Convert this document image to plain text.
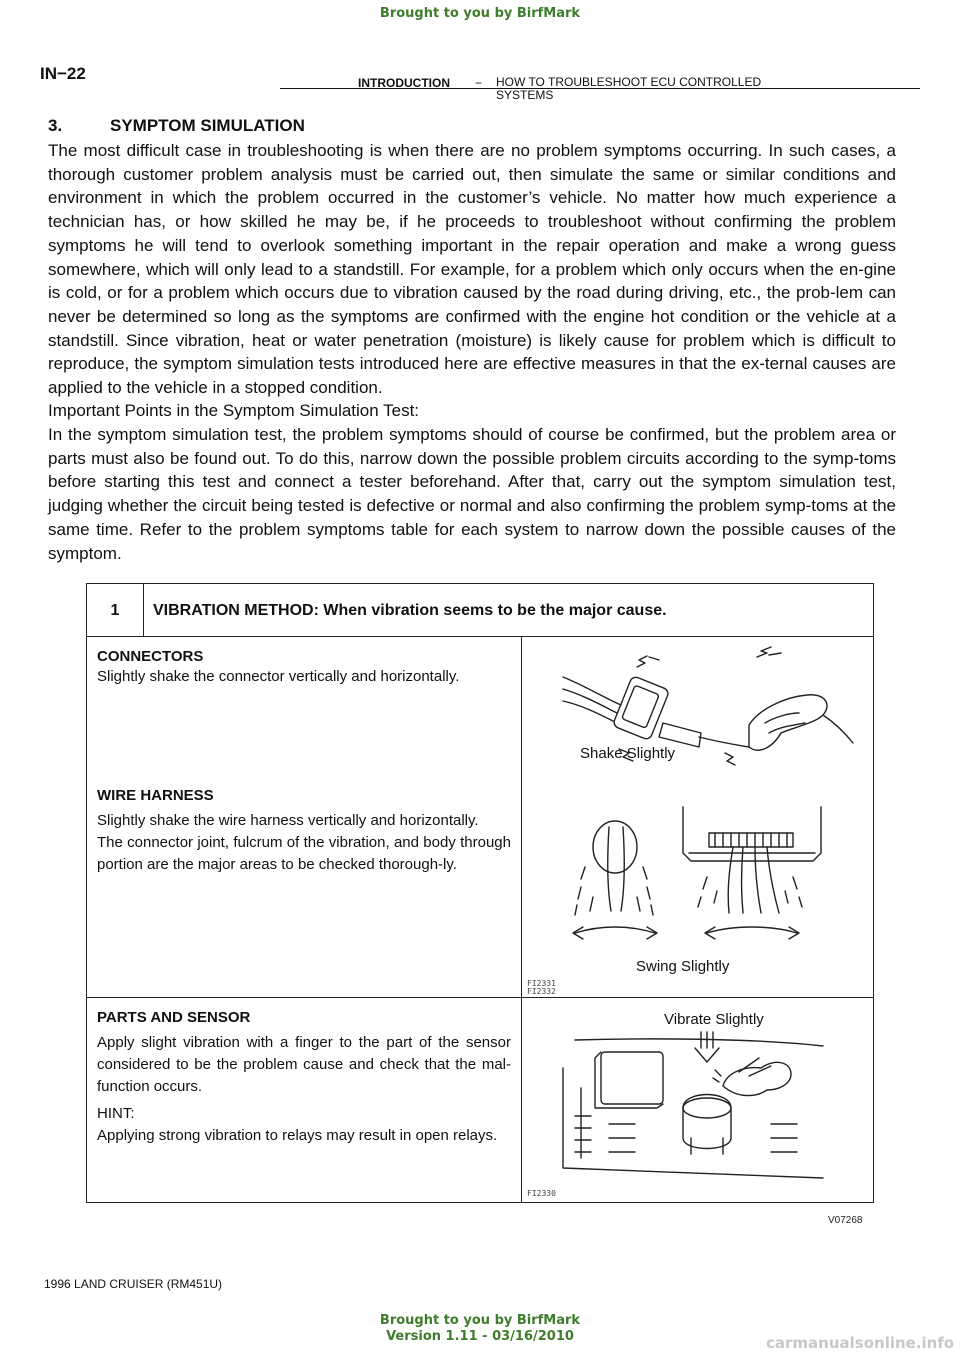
Brought to you by BirfMark
IN−22	INTRODUCTION − HOW TO TROUBLESHOOT ECU CONTROLLED SYSTEMS
3.	SYMPTOM SIMULATION
The most difficult case in troubleshooting is when there are no problem symptoms occurring. In such cases, a thorough customer problem analysis must be carried out, then simulate the same or similar conditions and environment in which the problem occurred in the customer’s vehicle. No matter how much experience a technician has, or how skilled he may be, if he proceeds to troubleshoot without confirming the problem symptoms he will tend to overlook something important in the repair operation and make a wrong guess somewhere, which will only lead to a standstill. For example, for a problem which only occurs when the en-gine is cold, or for a problem which occurs due to vibration caused by the road during driving, etc., the prob-lem can never be determined so long as the symptoms are confirmed with the engine hot condition or the vehicle at a standstill. Since vibration, heat or water penetration (moisture) is likely cause for problem which is difficult to reproduce, the symptom simulation tests introduced here are effective measures in that the ex-ternal causes are applied to the vehicle in a stopped condition.
Important Points in the Symptom Simulation Test:
In the symptom simulation test, the problem symptoms should of course be confirmed, but the problem area or parts must also be found out. To do this, narrow down the possible problem circuits according to the symp-toms before starting this test and connect a tester beforehand. After that, carry out the symptom simulation test, judging whether the circuit being tested is defective or normal and also confirming the problem symp-toms at the same time. Refer to the problem symptoms table for each system to narrow down the possible causes of the symptom.
1	VIBRATION METHOD: When vibration seems to be the major cause.
CONNECTORS
Slightly shake the connector vertically and horizontally.
WIRE HARNESS
Slightly shake the wire harness vertically and horizontally.
The connector joint, fulcrum of the vibration, and body through portion are the major areas to be checked thorough-ly.
Shake Slightly
Swing Slightly
FI2331
FI2332
PARTS AND SENSOR
Apply slight vibration with a finger to the part of the sensor considered to be the problem cause and check that the mal-function occurs.
HINT:
Applying strong vibration to relays may result in open relays.
Vibrate Slightly
FI2330
V07268
1996 LAND CRUISER (RM451U)
Brought to you by BirfMark
Version 1.11 - 03/16/2010	carmanualsonline.info
